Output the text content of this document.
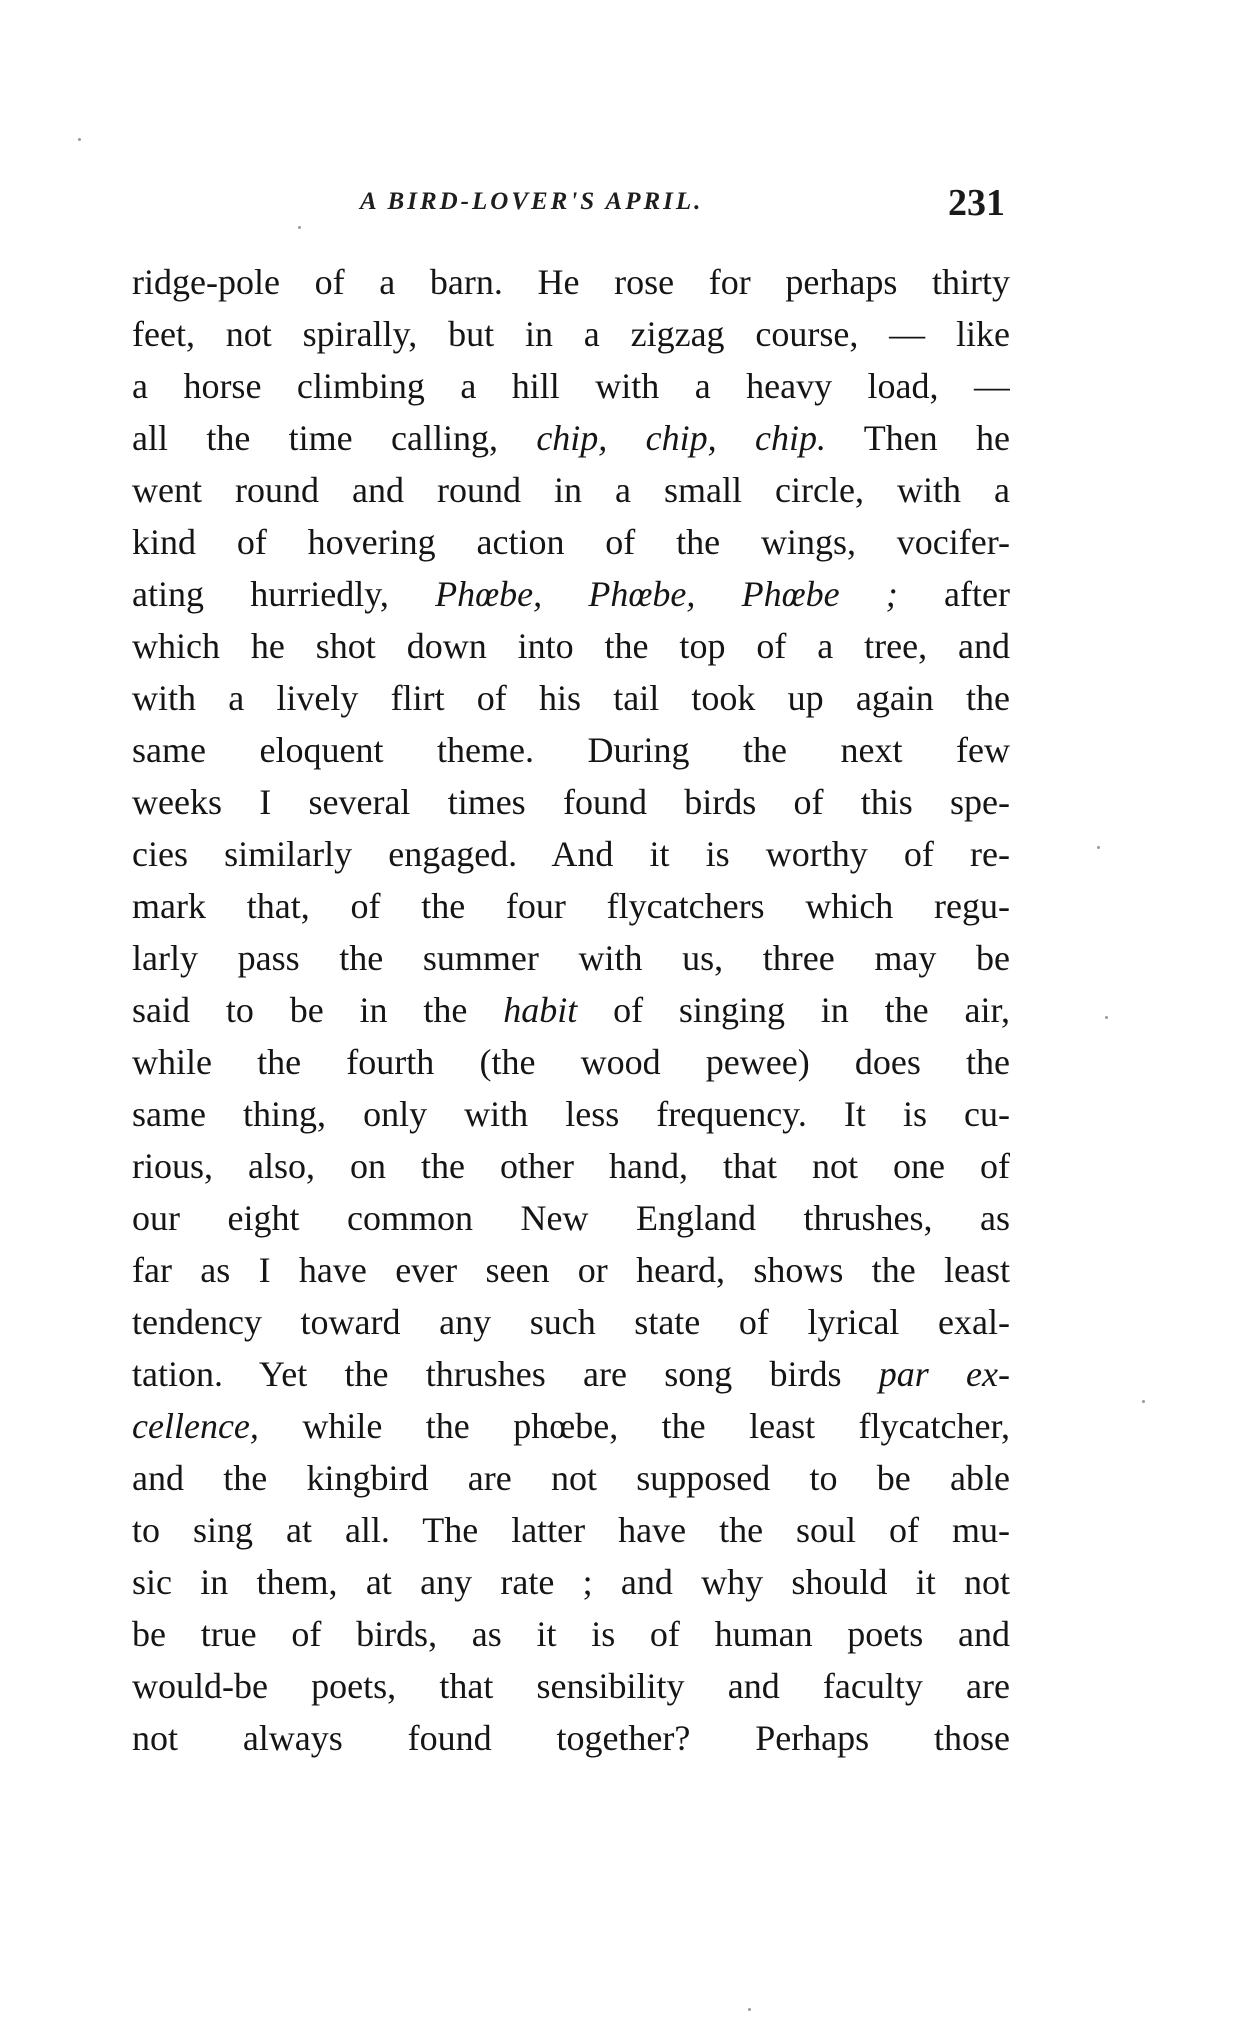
A BIRD-LOVER'S APRIL.	231
ridge-pole of a barn. He rose for perhaps thirty
feet, not spirally, but in a zigzag course, — like
a horse climbing a hill with a heavy load, —
all the time calling, chip, chip, chip. Then he
went round and round in a small circle, with a
kind of hovering action of the wings, vocifer-
ating hurriedly, Phœbe, Phœbe, Phœbe ; after
which he shot down into the top of a tree, and
with a lively flirt of his tail took up again the
same eloquent theme. During the next few
weeks I several times found birds of this spe-
cies similarly engaged. And it is worthy of re-
mark that, of the four flycatchers which regu-
larly pass the summer with us, three may be
said to be in the habit of singing in the air,
while the fourth (the wood pewee) does the
same thing, only with less frequency. It is cu-
rious, also, on the other hand, that not one of
our eight common New England thrushes, as
far as I have ever seen or heard, shows the least
tendency toward any such state of lyrical exal-
tation. Yet the thrushes are song birds par ex-
cellence, while the phœbe, the least flycatcher,
and the kingbird are not supposed to be able
to sing at all. The latter have the soul of mu-
sic in them, at any rate ; and why should it not
be true of birds, as it is of human poets and
would-be poets, that sensibility and faculty are
not always found together? Perhaps those
